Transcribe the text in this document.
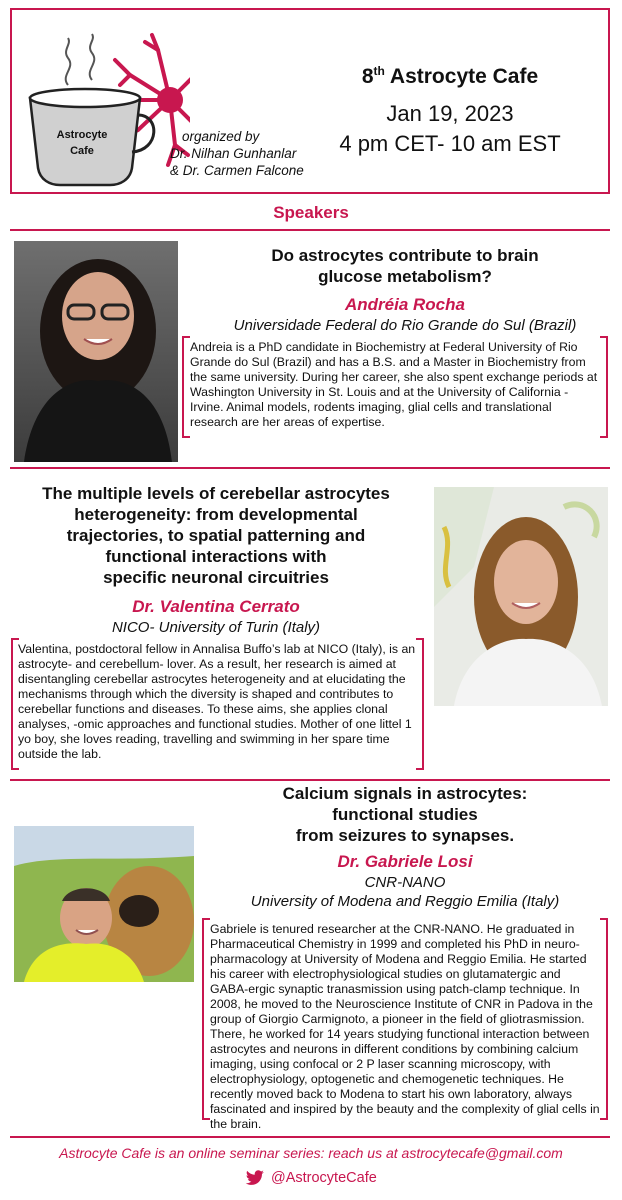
Astrocyte
Cafe
organized by
Dr. Nilhan Gunhanlar
& Dr. Carmen Falcone
8th Astrocyte Cafe
Jan 19, 2023
4 pm CET- 10 am EST
Speakers
Do astrocytes contribute to brain
glucose metabolism?
Andréia Rocha
Universidade Federal do Rio Grande do Sul (Brazil)
Andreia is a PhD candidate in Biochemistry at Federal University of Rio Grande do Sul (Brazil) and has a B.S. and a Master in Biochemistry from the same university. During her career, she also spent exchange periods at Washington University in St. Louis and at the University of California - Irvine. Animal models, rodents imaging, glial cells and translational research are her areas of expertise.
The multiple levels of cerebellar astrocytes
heterogeneity: from developmental
trajectories, to spatial patterning and
functional interactions with
specific neuronal circuitries
Dr. Valentina Cerrato
NICO- University of Turin (Italy)
Valentina, postdoctoral fellow in Annalisa Buffo’s lab at NICO (Italy), is an astrocyte- and cerebellum- lover. As a result, her research is aimed at disentangling cerebellar astrocytes heterogeneity and at elucidating the mechanisms through which the diversity is shaped and contributes to cerebellar functions and diseases. To these aims, she applies clonal analyses, -omic approaches and functional studies. Mother of one littel 1 yo boy, she loves reading, travelling and swimming in her spare time outside the lab.
Calcium signals in astrocytes:
functional studies
from seizures to synapses.
Dr. Gabriele Losi
CNR-NANO
University of Modena and Reggio Emilia (Italy)
Gabriele is tenured researcher at the CNR-NANO. He graduated in Pharmaceutical Chemistry in 1999 and completed his PhD in neuro-pharmacology at University of Modena and Reggio Emilia. He started his career with electrophysiological studies on glutamatergic and GABA-ergic synaptic tranasmission using patch-clamp technique. In 2008, he moved to the Neuroscience Institute of CNR in Padova in the group of Giorgio Carmignoto, a pioneer in the field of gliotrasmission. There, he worked for 14 years studying functional interaction between astrocytes and neurons in different conditions by combining calcium imaging, using confocal or 2 P laser scanning microscopy, with electrophysiology, optogenetic and chemogenetic techniques. He recently moved back to Modena to start his own laboratory, always fascinated and inspired by the beauty and the complexity of glial cells in the brain.
Astrocyte Cafe is an online seminar series: reach us at astrocytecafe@gmail.com
@AstrocyteCafe
